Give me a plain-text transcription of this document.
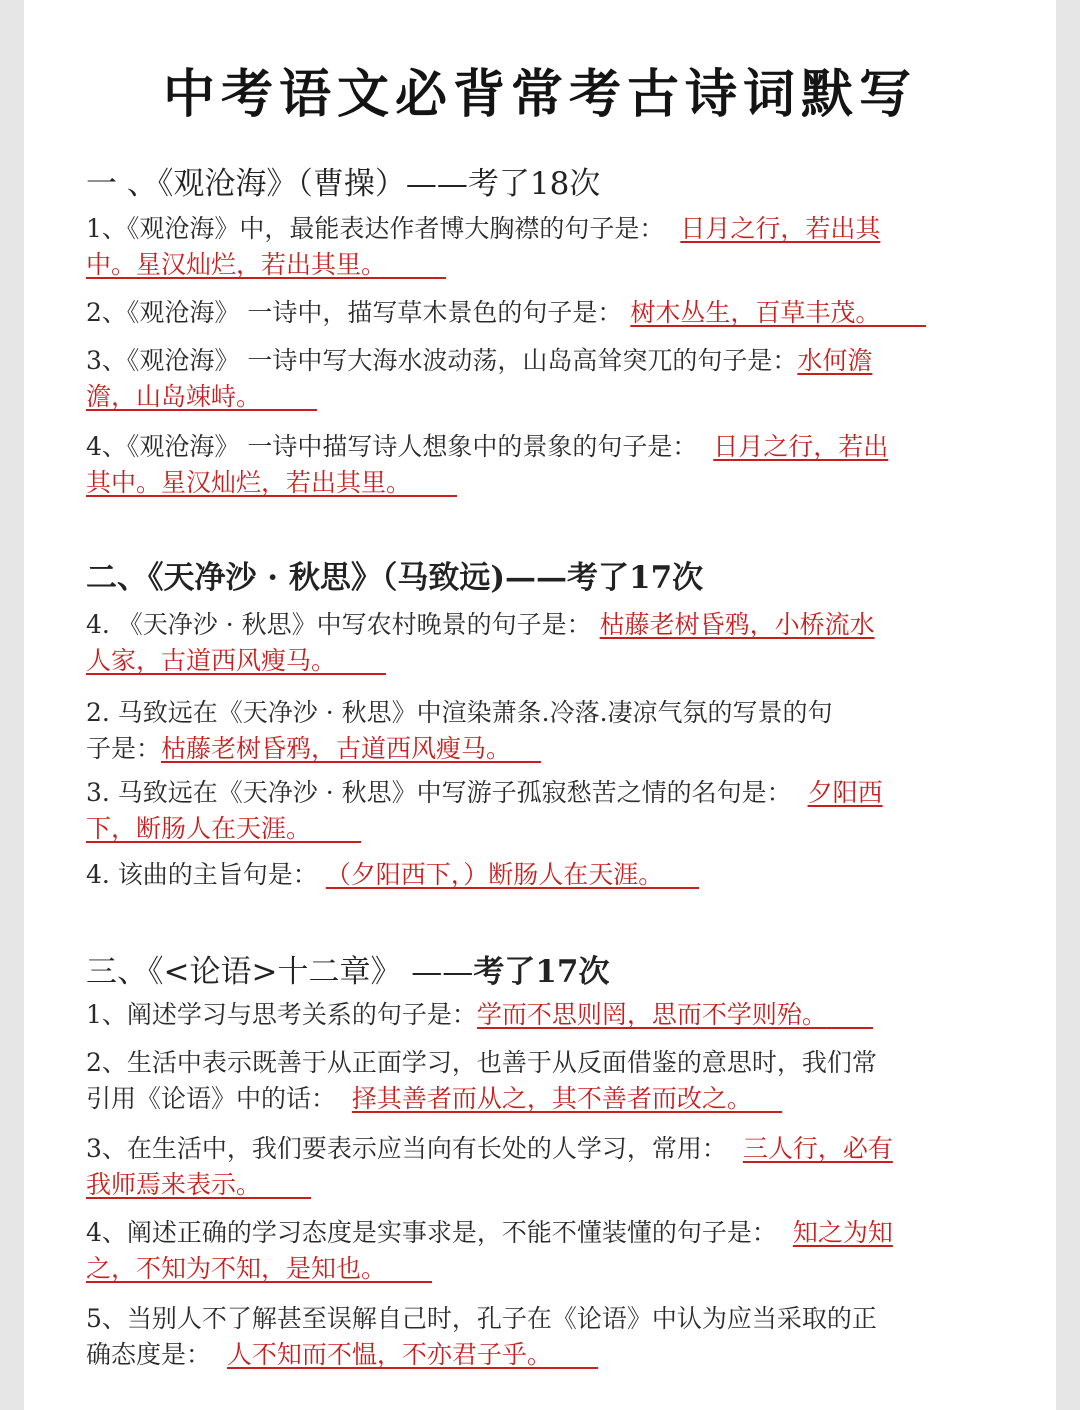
中考语文必背常考古诗词默写
一 、《观沧海》（曹操）——考了18次
1、《观沧海》中，最能表达作者博大胸襟的句子是： 日月之行，若出其
中。星汉灿烂，若出其里。
2、《观沧海》 一诗中，描写草木景色的句子是： 树木丛生，百草丰茂。
3、《观沧海》 一诗中写大海水波动荡，山岛高耸突兀的句子是：水何澹
澹，山岛竦峙。
4、《观沧海》 一诗中描写诗人想象中的景象的句子是： 日月之行，若出
其中。星汉灿烂，若出其里。
二、《天净沙 · 秋思》（马致远)——考了17次
4. 《天净沙 · 秋思》中写农村晚景的句子是： 枯藤老树昏鸦，小桥流水
人家，古道西风瘦马。
2. 马致远在《天净沙 · 秋思》中渲染萧条.冷落.凄凉气氛的写景的句
子是：枯藤老树昏鸦，古道西风瘦马。
3. 马致远在《天净沙 · 秋思》中写游子孤寂愁苦之情的名句是： 夕阳西
下，断肠人在天涯。
4. 该曲的主旨句是： （夕阳西下，）断肠人在天涯。
三、《<论语>十二章》 ——考了17次
1、阐述学习与思考关系的句子是：学而不思则罔，思而不学则殆。
2、生活中表示既善于从正面学习，也善于从反面借鉴的意思时，我们常
引用《论语》中的话： 择其善者而从之，其不善者而改之。
3、在生活中，我们要表示应当向有长处的人学习，常用： 三人行，必有
我师焉来表示。
4、阐述正确的学习态度是实事求是，不能不懂装懂的句子是： 知之为知
之，不知为不知，是知也。
5、当别人不了解甚至误解自己时，孔子在《论语》中认为应当采取的正
确态度是： 人不知而不愠，不亦君子乎。
